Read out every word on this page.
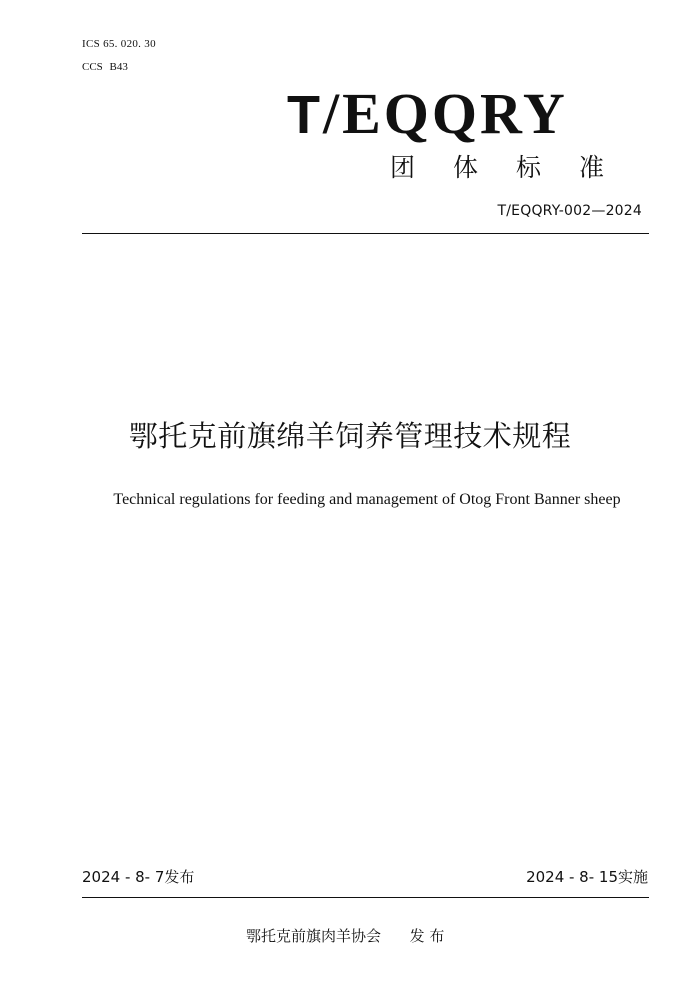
ICS 65. 020. 30
CCS B43
T/EQQRY
团体标准
T/EQQRY-002—2024
鄂托克前旗绵羊饲养管理技术规程
Technical regulations for feeding and management of Otog Front Banner sheep
2024 - 8- 7发布	2024 - 8- 15实施
鄂托克前旗肉羊协会      发 布
